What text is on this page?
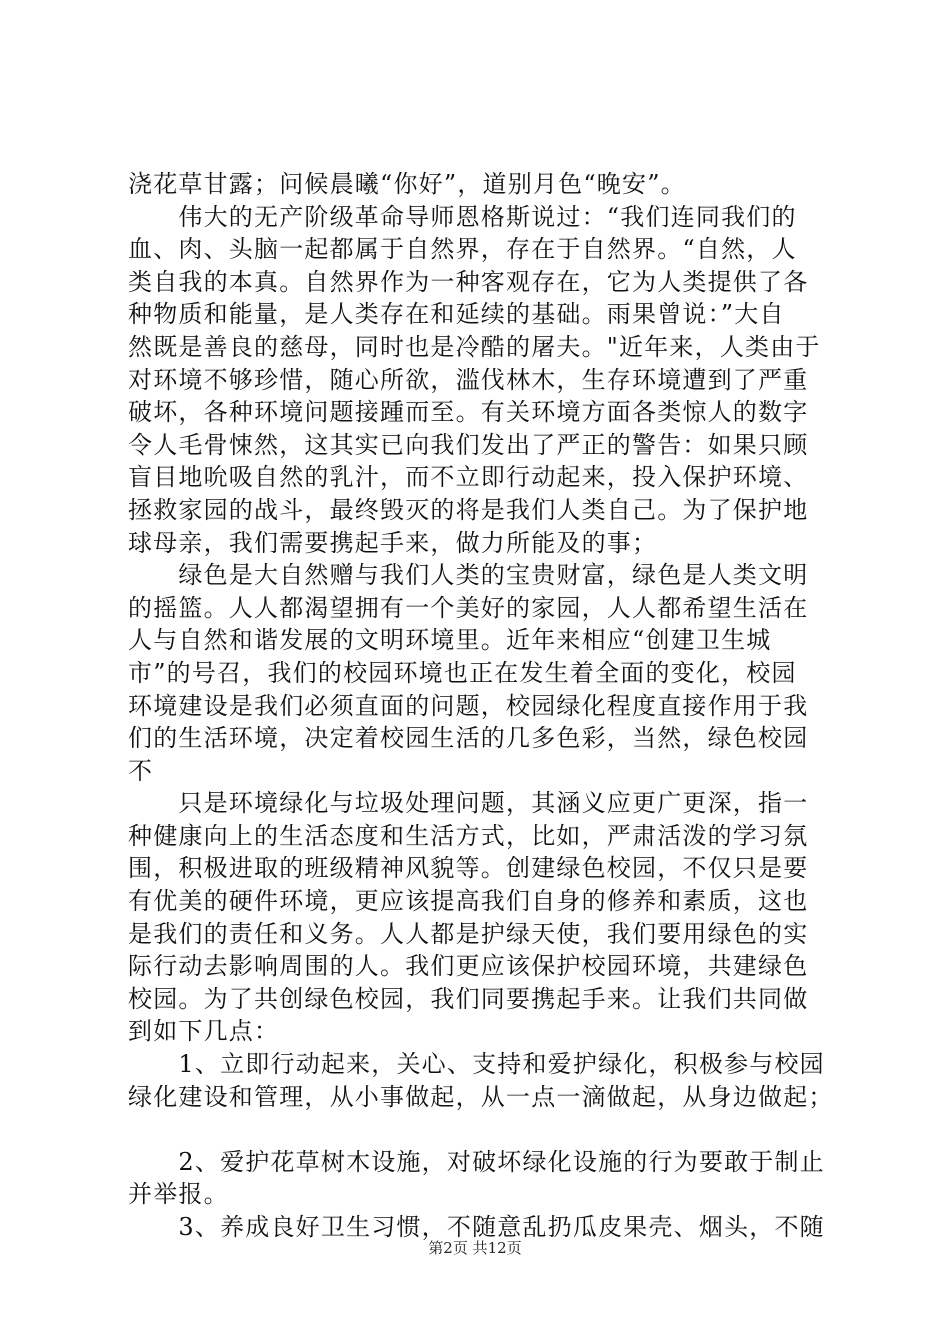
浇花草甘露；问候晨曦“你好”，道别月色“晚安”。
　　伟大的无产阶级革命导师恩格斯说过：“我们连同我们的
血、肉、头脑一起都属于自然界，存在于自然界。“自然，人
类自我的本真。自然界作为一种客观存在，它为人类提供了各
种物质和能量，是人类存在和延续的基础。雨果曾说：”大自
然既是善良的慈母，同时也是冷酷的屠夫。"近年来，人类由于
对环境不够珍惜，随心所欲，滥伐林木，生存环境遭到了严重
破坏，各种环境问题接踵而至。有关环境方面各类惊人的数字
令人毛骨悚然，这其实已向我们发出了严正的警告：如果只顾
盲目地吮吸自然的乳汁，而不立即行动起来，投入保护环境、
拯救家园的战斗，最终毁灭的将是我们人类自己。为了保护地
球母亲，我们需要携起手来，做力所能及的事；
　　绿色是大自然赠与我们人类的宝贵财富，绿色是人类文明
的摇篮。人人都渴望拥有一个美好的家园，人人都希望生活在
人与自然和谐发展的文明环境里。近年来相应“创建卫生城
市”的号召，我们的校园环境也正在发生着全面的变化，校园
环境建设是我们必须直面的问题，校园绿化程度直接作用于我
们的生活环境，决定着校园生活的几多色彩，当然，绿色校园
不
　　只是环境绿化与垃圾处理问题，其涵义应更广更深，指一
种健康向上的生活态度和生活方式，比如，严肃活泼的学习氛
围，积极进取的班级精神风貌等。创建绿色校园，不仅只是要
有优美的硬件环境，更应该提高我们自身的修养和素质，这也
是我们的责任和义务。人人都是护绿天使，我们要用绿色的实
际行动去影响周围的人。我们更应该保护校园环境，共建绿色
校园。为了共创绿色校园，我们同要携起手来。让我们共同做
到如下几点：
　　1、立即行动起来，关心、支持和爱护绿化，积极参与校园
绿化建设和管理，从小事做起，从一点一滴做起，从身边做起；
　　2、爱护花草树木设施，对破坏绿化设施的行为要敢于制止
并举报。
　　3、养成良好卫生习惯，不随意乱扔瓜皮果壳、烟头，不随
第2页 共12页
